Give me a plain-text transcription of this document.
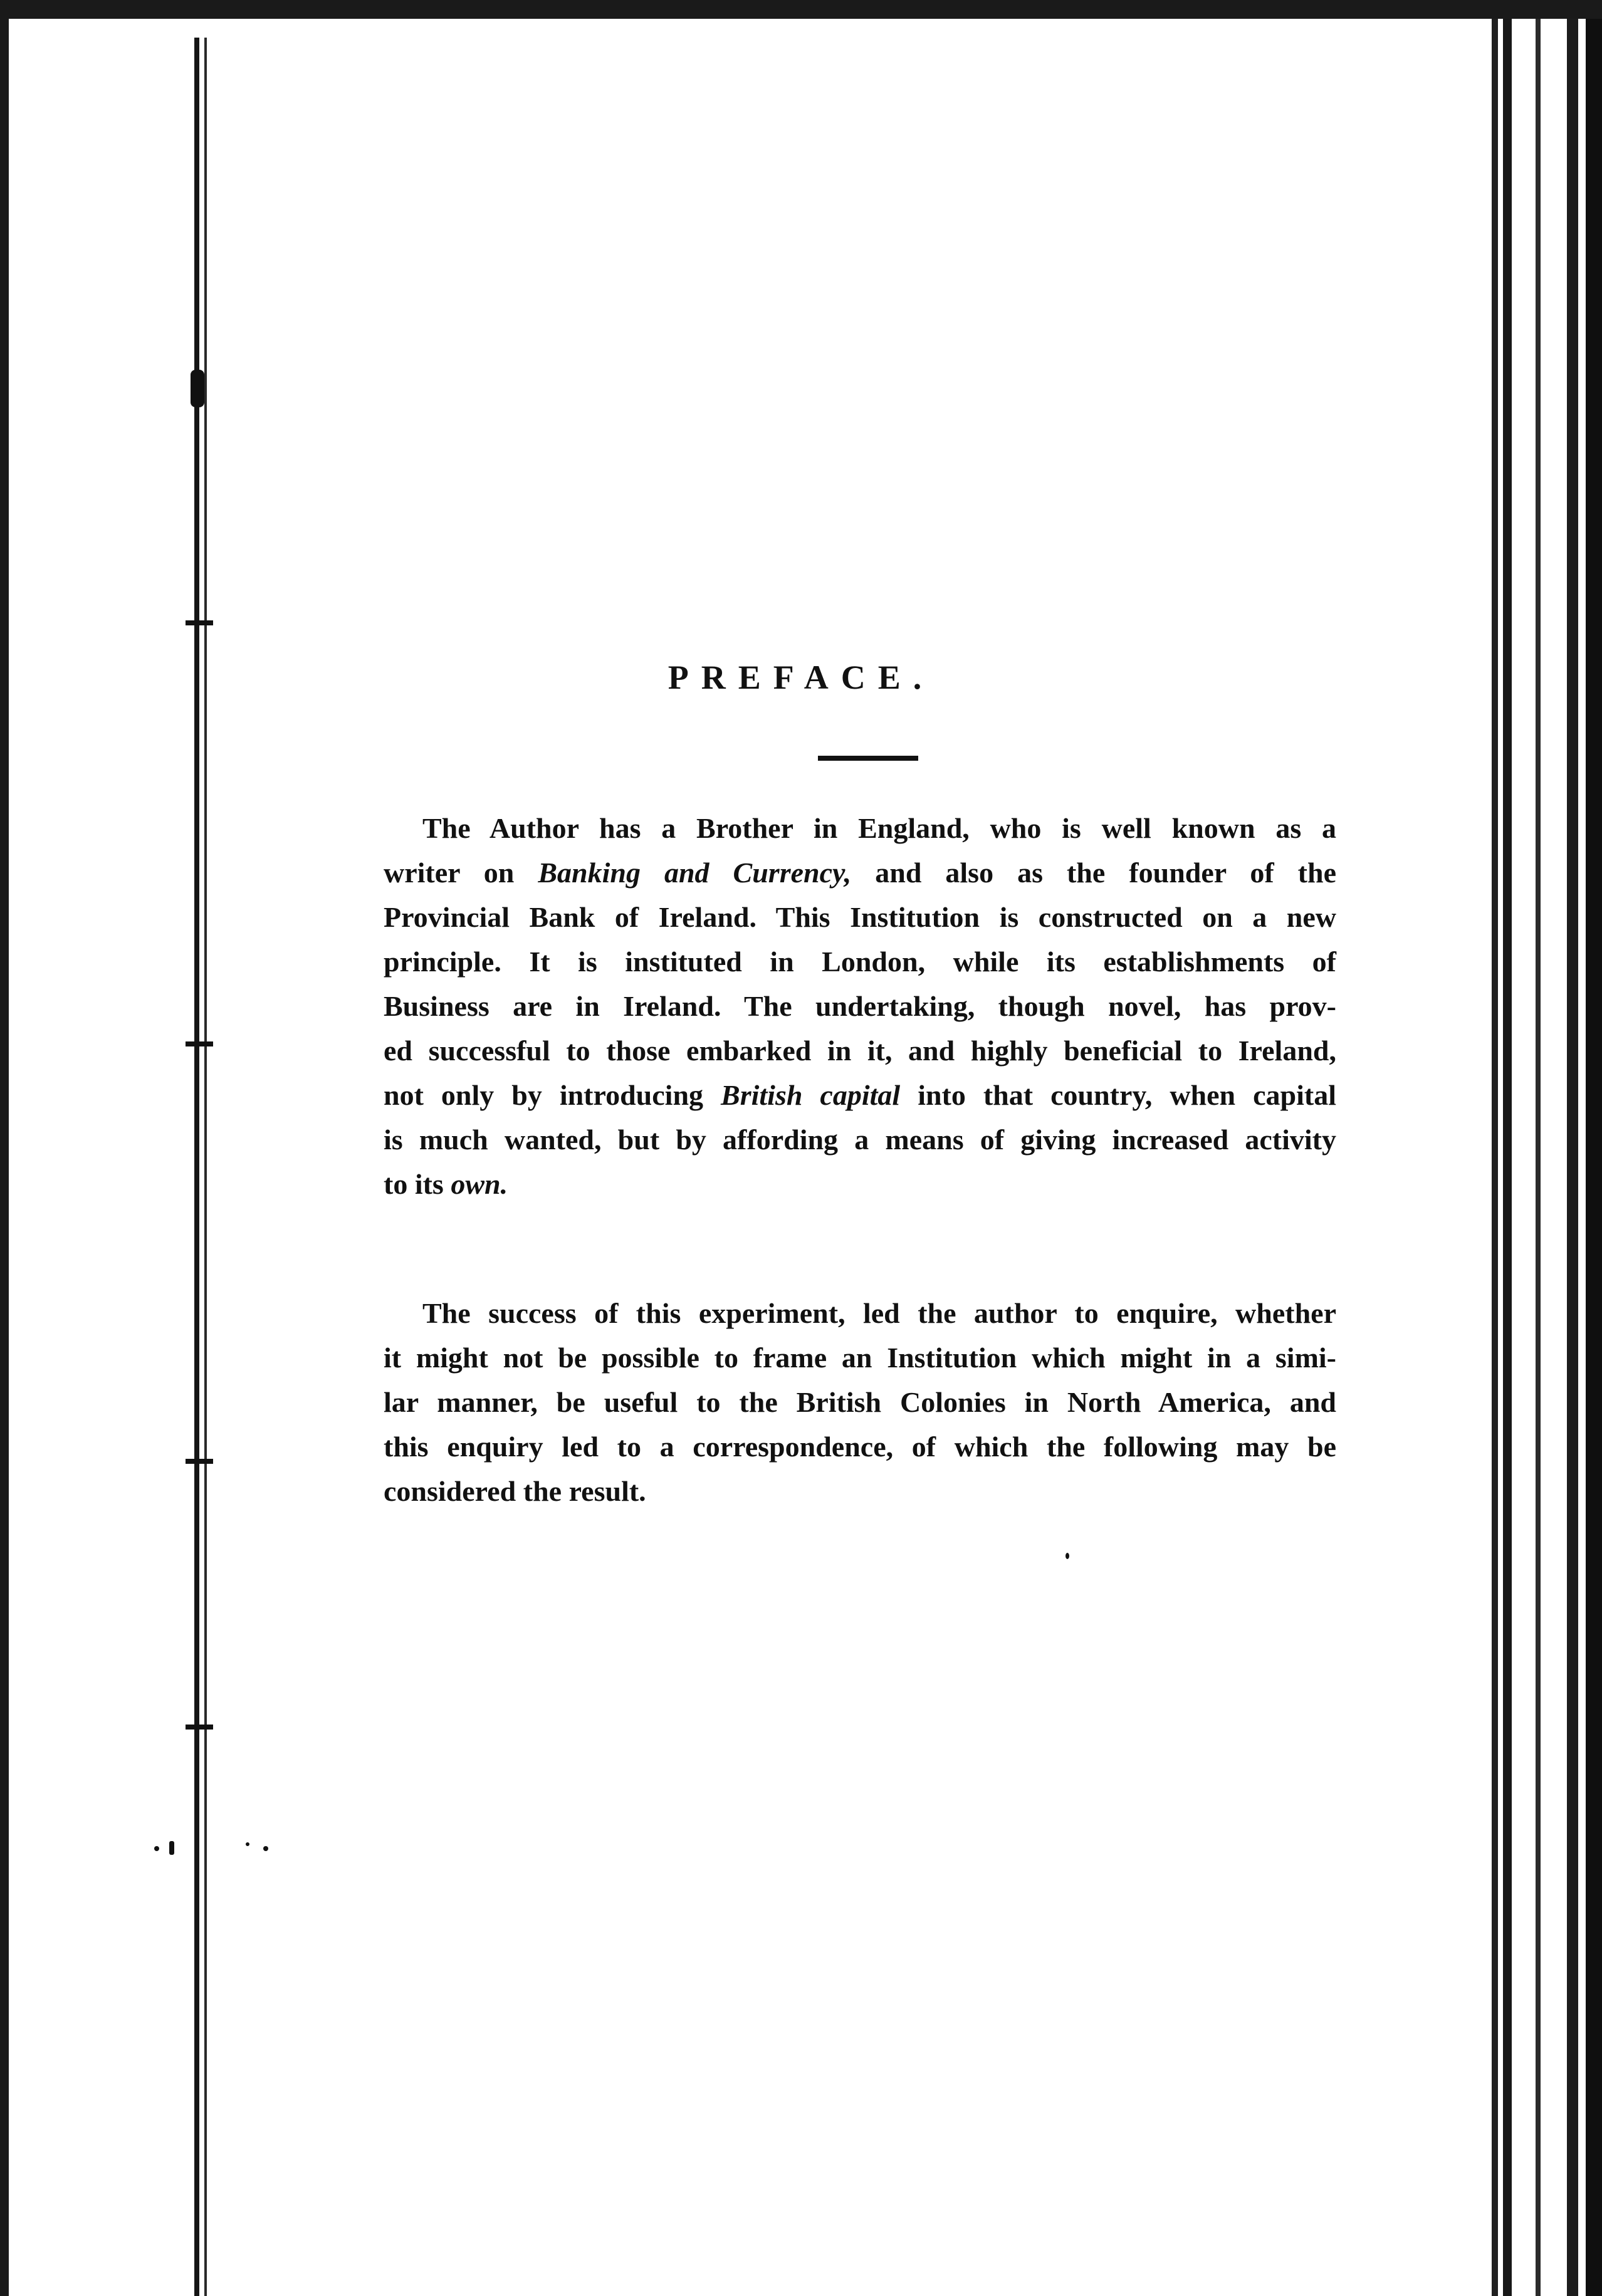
PREFACE.
The Author has a Brother in England, who is well known as a
writer on Banking and Currency, and also as the founder of the
Provincial Bank of Ireland. This Institution is constructed on a new
principle. It is instituted in London, while its establishments of
Business are in Ireland. The undertaking, though novel, has prov-
ed successful to those embarked in it, and highly beneficial to Ireland,
not only by introducing British capital into that country, when capital
is much wanted, but by affording a means of giving increased activity
to its own.
The success of this experiment, led the author to enquire, whether
it might not be possible to frame an Institution which might in a simi-
lar manner, be useful to the British Colonies in North America, and
this enquiry led to a correspondence, of which the following may be
considered the result.
